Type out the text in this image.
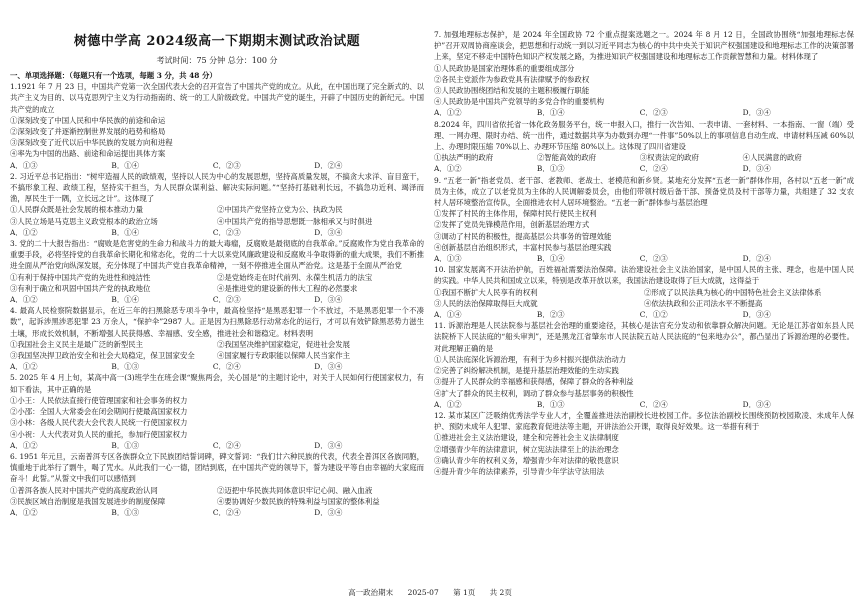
树德中学高 2024级高一下期期末测试政治试题
考试时间：75 分钟 总分：100 分
一、单项选择题：（每题只有一个选项，每题 3 分，共 48 分）
1.1921 年 7 月 23 日，中国共产党第一次全国代表大会的召开宣告了中国共产党的成立。从此，在中国出现了完全新式的、以共产主义为目的、以马克思列宁主义为行动指南的、统一的工人阶级政党。中国共产党的诞生，开辟了中国历史的新纪元。中国共产党的成立
①深刻改变了中国人民和中华民族的前途和命运
②深刻改变了并逐渐控制世界发展的趋势和格局
③深刻改变了近代以后中华民族的发展方向和进程
④率先为中国的出路、前途和命运提出具体方案
A．①③	B．①④	C．②③	D．②④
2. 习近平总书记指出：“树牢造福人民的政绩观，坚持以人民为中心的发展思想，坚持高质量发展，不搞贪大求洋、盲目蛮干，不搞形象工程、政绩工程，坚持实干担当，为人民群众谋利益、解决实际问题。”“坚持打基础利长远，不搞急功近利、竭泽而渔，厚民生于一隅，立长远之计”。这体现了
①人民群众既是社会发展的根本推动力量	②中国共产党坚持立党为公、执政为民
③人民立场是马克思主义政党根本的政治立场	④中国共产党的指导思想既一脉相承又与时俱进
A．①②	B．①④	C．②③	D．③④
3. 党的二十大报告指出：“腐败是危害党的生命力和战斗力的最大毒瘤，反腐败是最彻底的自我革命。”反腐败作为党自我革命的重要手段，必将坚持党的自我革命长期化和常态化，党的二十大以来党风廉政建设和反腐败斗争取得新的重大成果，我们不断推进全面从严治党向纵深发展，充分体现了中国共产党自我革命精神，一刻不停推进全面从严治党。这是基于全面从严治党
①有利于保持中国共产党的先进性和纯洁性	②是党始终走在时代前列、永葆生机活力的法宝
③有利于确立和巩固中国共产党的执政地位	④是推进党的建设新的伟大工程的必然要求
A．①②	B．①④	C．②③	D．③④
4. 最高人民检察院数据显示，在近三年的扫黑除恶专项斗争中，最高检坚持“是黑恶犯罪一个不放过，不是黑恶犯罪一个不凑数”，起诉涉黑涉恶犯罪 23 万余人，“保护伞”2987 人。正是因为扫黑除恶行动常态化的运行，才可以有效铲除黑恶势力滋生土壤，形成长效机制，不断增强人民获得感、幸福感、安全感，推进社会和谐稳定。材料表明
①我国社会主义民主是最广泛的新型民主	②我国坚决维护国家稳定，促进社会发展
③我国坚决捍卫政治安全和社会大局稳定，保卫国家安全	④国家履行专政职能以保障人民当家作主
A．①②	B．①③	C．②④	D．③④
5. 2025 年 4 月上旬，某高中高一(3)班学生在班会课“聚焦两会，关心国是”的主题讨论中，对关于人民如何行使国家权力，有如下看法，其中正确的是
①小王：人民依法直接行使管理国家和社会事务的权力
②小邵：全国人大常委会在闭会期间行使最高国家权力
③小林：各级人民代表大会代表人民统一行使国家权力
④小祝：人大代表对负人民的重托，参加行使国家权力
A．①②	B．①③	C．②④	D．③④
6. 1951 年元旦，云南普洱专区各族群众立下民族团结誓词碑，碑文誓词：“我们廿六种民族的代表，代表全普洱区各族同胞，慎重地于此举行了剽牛，喝了咒水。从此我们一心一德，团结到底，在中国共产党的领导下，誓为建设平等自由幸福的大家庭而奋斗！此誓。”从誓文中我们可以感悟到
①普洱各族人民对中国共产党的高度政治认同	②迈把中华民族共同体意识牢记心间、融入血液
③民族区域自治制度是我国发展进步的制度保障	④要协调好少数民族的特殊利益与国家的整体利益
A．①②	B．①③	C．②④	D．③④
7. 加强地理标志保护，是 2024 年全国政协 72 个重点提案选题之一。2024 年 8 月 12 日，全国政协围绕“加强地理标志保护”召开双周协商座谈会，把思想和行动统一到以习近平同志为核心的中共中央关于知识产权强国建设和地理标志工作的决策部署上来，坚定不移走中国特色知识产权发展之路，为推进知识产权强国建设和地理标志工作贡献智慧和力量。材料体现了
①人民政协是国家治理体系的重要组成部分
②各民主党派作为参政党具有法律赋予的参政权
③人民政协围绕团结和发展的主题积极履行职能
④人民政协是中国共产党领导的多党合作的重要机构
A．①②	B．①④	C．②③	D．③④
8.2024 年，四川省依托省一体化政务服务平台，统一申报入口，推行一次告知、一表申请、一套材料、一本指南、一窗（端）受理、一网办理、限时办结、统一出件，通过数据共享为办数到办理“一件事”50%以上的事项信息自动生成、申请材料压减 60%以上、办理时限压缩 70%以上、办理环节压缩 80%以上。这体现了四川省建设
①执法严明的政府	②智能高效的政府	③权责法定的政府	④人民满意的政府
A．①②	B．①③	C．②④	D．③④
9. “五老一新”指老党员、老干部、老教师、老战士、老模范和新乡贤。某地充分发挥“五老一新”群体作用，各村以“五老一新”成员为主体，成立了以老党员为主体的人民调解委员会，由他们带领村级后备干部、预备党员及村干部等力量，共组建了 32 支农村人居环境整治宣传队，全面推进农村人居环境整治。“五老一新”群体参与基层治理
①发挥了村民的主体作用，保障村民行使民主权利
②发挥了党员先锋模范作用，创新基层治理方式
③调动了村民的积极性，提高基层公共事务的管理效能
④创新基层自治组织形式，丰富村民参与基层治理实践
A．①③	B．①④	C．②③	D．②④
10. 国家发展离不开法治护航，百姓福祉需要法治保障。法治建设社会主义法治国家，是中国人民的主张、理念，也是中国人民的实践。中华人民共和国成立以来，特别是改革开放以来，我国法治建设取得了巨大成就，这得益于
①我国不断扩大人民享有的权利	②形成了以民法典为核心的中国特色社会主义法律体系
③人民的法治保障取得巨大成就	④依法执政和公正司法水平不断提高
A．①④	B．②③	C．①②	D．③④
11. 诉源治理是人民法院参与基层社会治理的重要途径，其核心是法官充分发动和依靠群众解决问题。无论是江苏省如东县人民法院桥下人民法庭的“船头审判”，还是黑龙江省肇东市人民法院五站人民法庭的“包来地办公”，都凸显出了诉源治理的必要性。对此理解正确的是
①人民法庭深化诉源治理，有利于为乡村振兴提供法治动力
②完善了纠纷解决机制，是提升基层治理效能的生动实践
③提升了人民群众的幸福感和获得感，保障了群众的各种利益
④扩大了群众的民主权利，调动了群众参与基层事务的积极性
A．①②	B．①③	C．②④	D．③④
12. 某市某区广泛吸纳优秀法学专业人才，全覆盖推进法治副校长进校园工作。多位法治副校长围绕预防校园欺凌、未成年人保护、预防未成年人犯罪、家庭教育促进法等主题，开讲法治公开课，取得良好效果。这一举措有利于
①推进社会主义法治建设，建全和完善社会主义法律制度
②增强青少年的法律意识，树立宪法法律至上的法治理念
③确认青少年的权利义务，增强青少年对法律的敬畏意识
④提升青少年的法律素养，引导青少年学法守法用法
高一政治期末 2025-07 第 1页 共 2页
